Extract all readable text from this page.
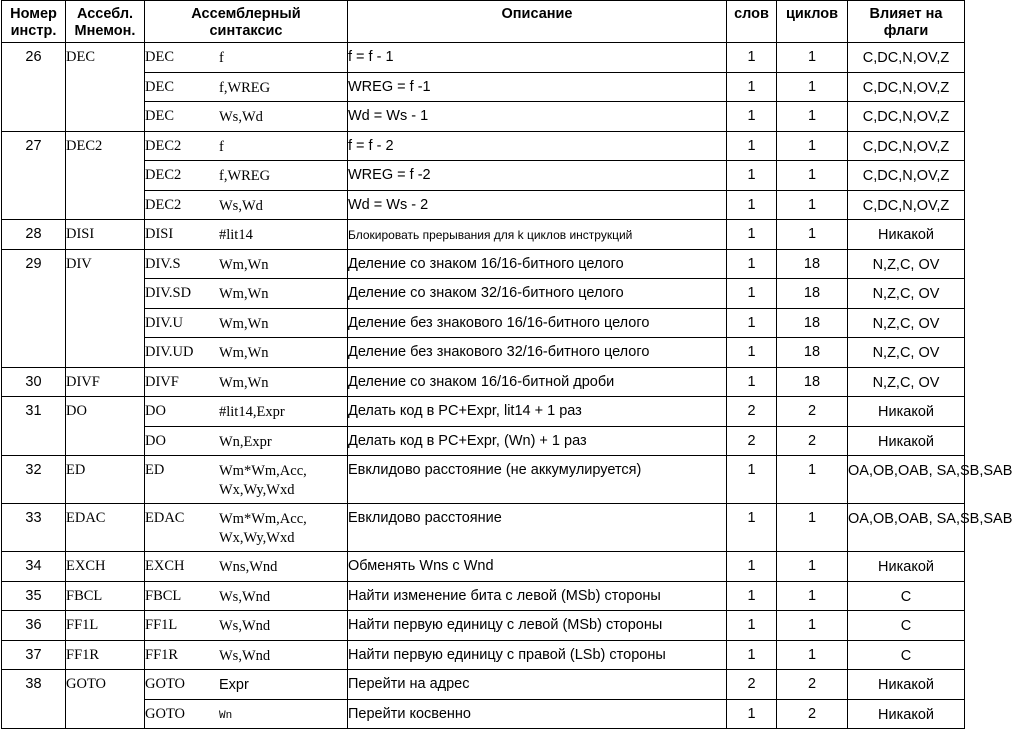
Номер
инстр.	Ассебл.
Мнемон.	Ассемблерный
синтаксис	Описание	слов	циклов	Влияет на
флаги
26	DEC	DEC f	f = f - 1	1	1	C,DC,N,OV,Z
		DEC f,WREG	WREG = f -1	1	1	C,DC,N,OV,Z
		DEC Ws,Wd	Wd = Ws - 1	1	1	C,DC,N,OV,Z
27	DEC2	DEC2 f	f = f - 2	1	1	C,DC,N,OV,Z
		DEC2 f,WREG	WREG = f -2	1	1	C,DC,N,OV,Z
		DEC2 Ws,Wd	Wd = Ws - 2	1	1	C,DC,N,OV,Z
28	DISI	DISI #lit14	Блокировать прерывания для k циклов инструкций	1	1	Никакой
29	DIV	DIV.S Wm,Wn	Деление со знаком 16/16-битного целого	1	18	N,Z,C, OV
		DIV.SD Wm,Wn	Деление со знаком 32/16-битного целого	1	18	N,Z,C, OV
		DIV.U Wm,Wn	Деление без знакового 16/16-битного целого	1	18	N,Z,C, OV
		DIV.UD Wm,Wn	Деление без знакового 32/16-битного целого	1	18	N,Z,C, OV
30	DIVF	DIVF Wm,Wn	Деление со знаком 16/16-битной дроби	1	18	N,Z,C, OV
31	DO	DO #lit14,Expr	Делать код в PC+Expr, lit14 + 1 раз	2	2	Никакой
		DO Wn,Expr	Делать код в PC+Expr, (Wn) + 1 раз	2	2	Никакой
32	ED	ED Wm*Wm,Acc,
Wx,Wy,Wxd	Евклидово расстояние (не аккумулируется)	1	1	OA,OB,OAB, SA,SB,SAB
33	EDAC	EDAC Wm*Wm,Acc,
Wx,Wy,Wxd	Евклидово расстояние	1	1	OA,OB,OAB, SA,SB,SAB
34	EXCH	EXCH Wns,Wnd	Обменять Wns с Wnd	1	1	Никакой
35	FBCL	FBCL Ws,Wnd	Найти изменение бита с левой (MSb) стороны	1	1	C
36	FF1L	FF1L Ws,Wnd	Найти первую единицу с левой (MSb) стороны	1	1	C
37	FF1R	FF1R Ws,Wnd	Найти первую единицу с правой (LSb) стороны	1	1	C
38	GOTO	GOTO Expr	Перейти на адрес	2	2	Никакой
		GOTO Wn	Перейти косвенно	1	2	Никакой
